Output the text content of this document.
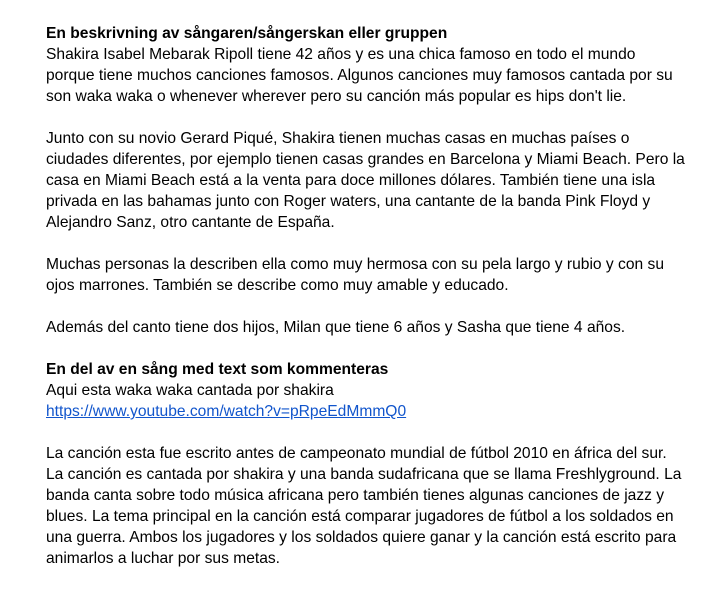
En beskrivning av sångaren/sångerskan eller gruppen

Shakira Isabel Mebarak Ripoll tiene 42 años y es una chica famoso en todo el mundo

porque tiene muchos canciones famosos. Algunos canciones muy famosos cantada por su

son waka waka o whenever wherever pero su canción más popular es hips don't lie.

Junto con su novio Gerard Piqué, Shakira tienen muchas casas en muchas países o

ciudades diferentes, por ejemplo tienen casas grandes en Barcelona y Miami Beach. Pero la

casa en Miami Beach está a la venta para doce millones dólares. También tiene una isla

privada en las bahamas junto con Roger waters, una cantante de la banda Pink Floyd y

Alejandro Sanz, otro cantante de España.

Muchas personas la describen ella como muy hermosa con su pela largo y rubio y con su

ojos marrones. También se describe como muy amable y educado.

Además del canto tiene dos hijos, Milan que tiene 6 años y Sasha que tiene 4 años.

En del av en sång med text som kommenteras

Aqui esta waka waka cantada por shakira

https://www.youtube.com/watch?v=pRpeEdMmmQ0

La canción esta fue escrito antes de campeonato mundial de fútbol 2010 en áfrica del sur.

La canción es cantada por shakira y una banda sudafricana que se llama Freshlyground. La

banda canta sobre todo música africana pero también tienes algunas canciones de jazz y

blues. La tema principal en la canción está comparar jugadores de fútbol a los soldados en

una guerra. Ambos los jugadores y los soldados quiere ganar y la canción está escrito para

animarlos a luchar por sus metas.
